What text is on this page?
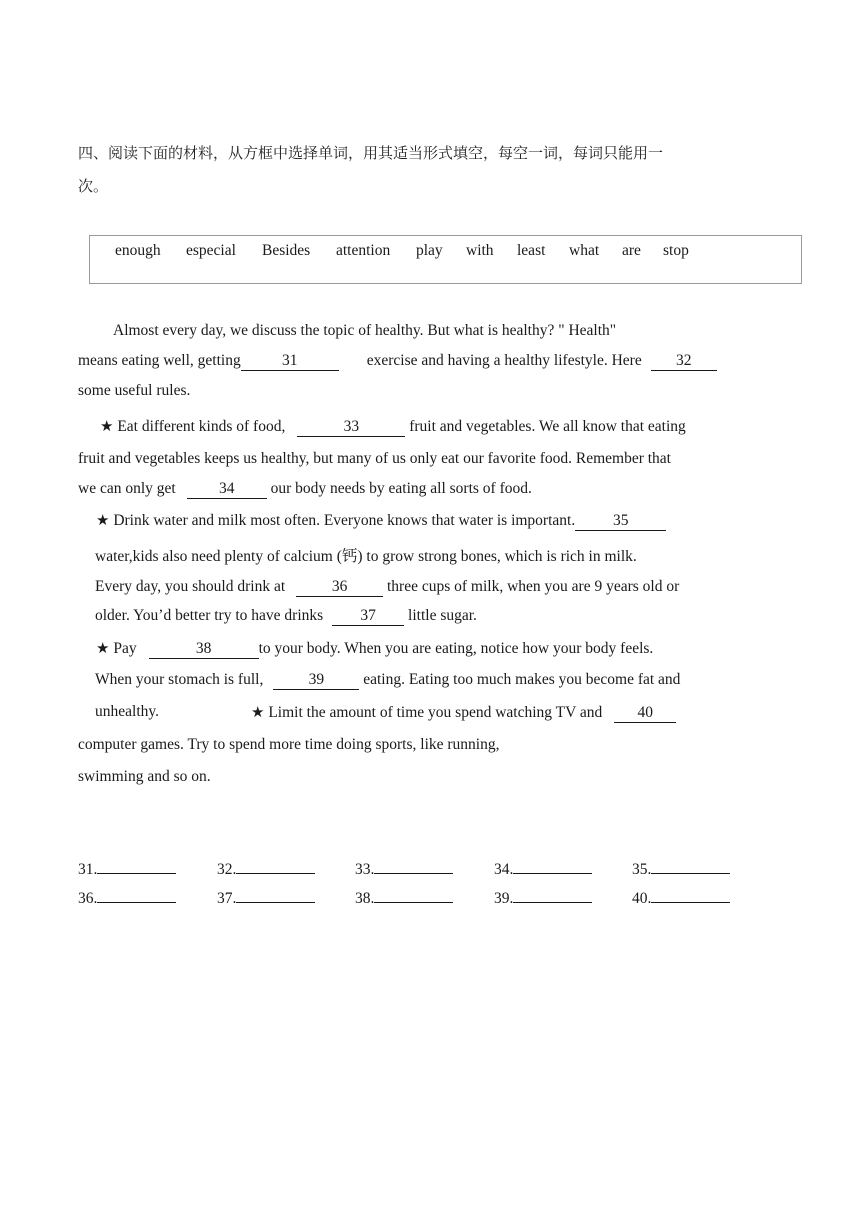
四、阅读下面的材料，从方框中选择单词，用其适当形式填空，每空一词，每词只能用一
次。
enough especial Besides attention play with least what are stop
Almost every day, we discuss the topic of healthy. But what is healthy? " Health"
means eating well, getting	31	exercise and having a healthy lifestyle. Here 32
some useful rules.
★ Eat different kinds of food,	33	fruit and vegetables. We all know that eating
fruit and vegetables keeps us healthy, but many of us only eat our favorite food. Remember that
we can only get	34 our body needs by eating all sorts of food.
★ Drink water and milk most often. Everyone knows that water is important. 35
water,kids also need plenty of calcium (钙) to grow strong bones, which is rich in milk.
Every day, you should drink at	36	three cups of milk, when you are 9 years old or
older. You’d better try to have drinks 37 little sugar.
★ Pay	38	to your body. When you are eating, notice how your body feels.
When your stomach is full,	39	eating. Eating too much makes you become fat and
unhealthy.	★ Limit the amount of time you spend watching TV and 40
computer games. Try to spend more time doing sports, like running,
swimming and so on.
31.	32.	33.	34.	35.
36.	37.	38.	39.	40.
